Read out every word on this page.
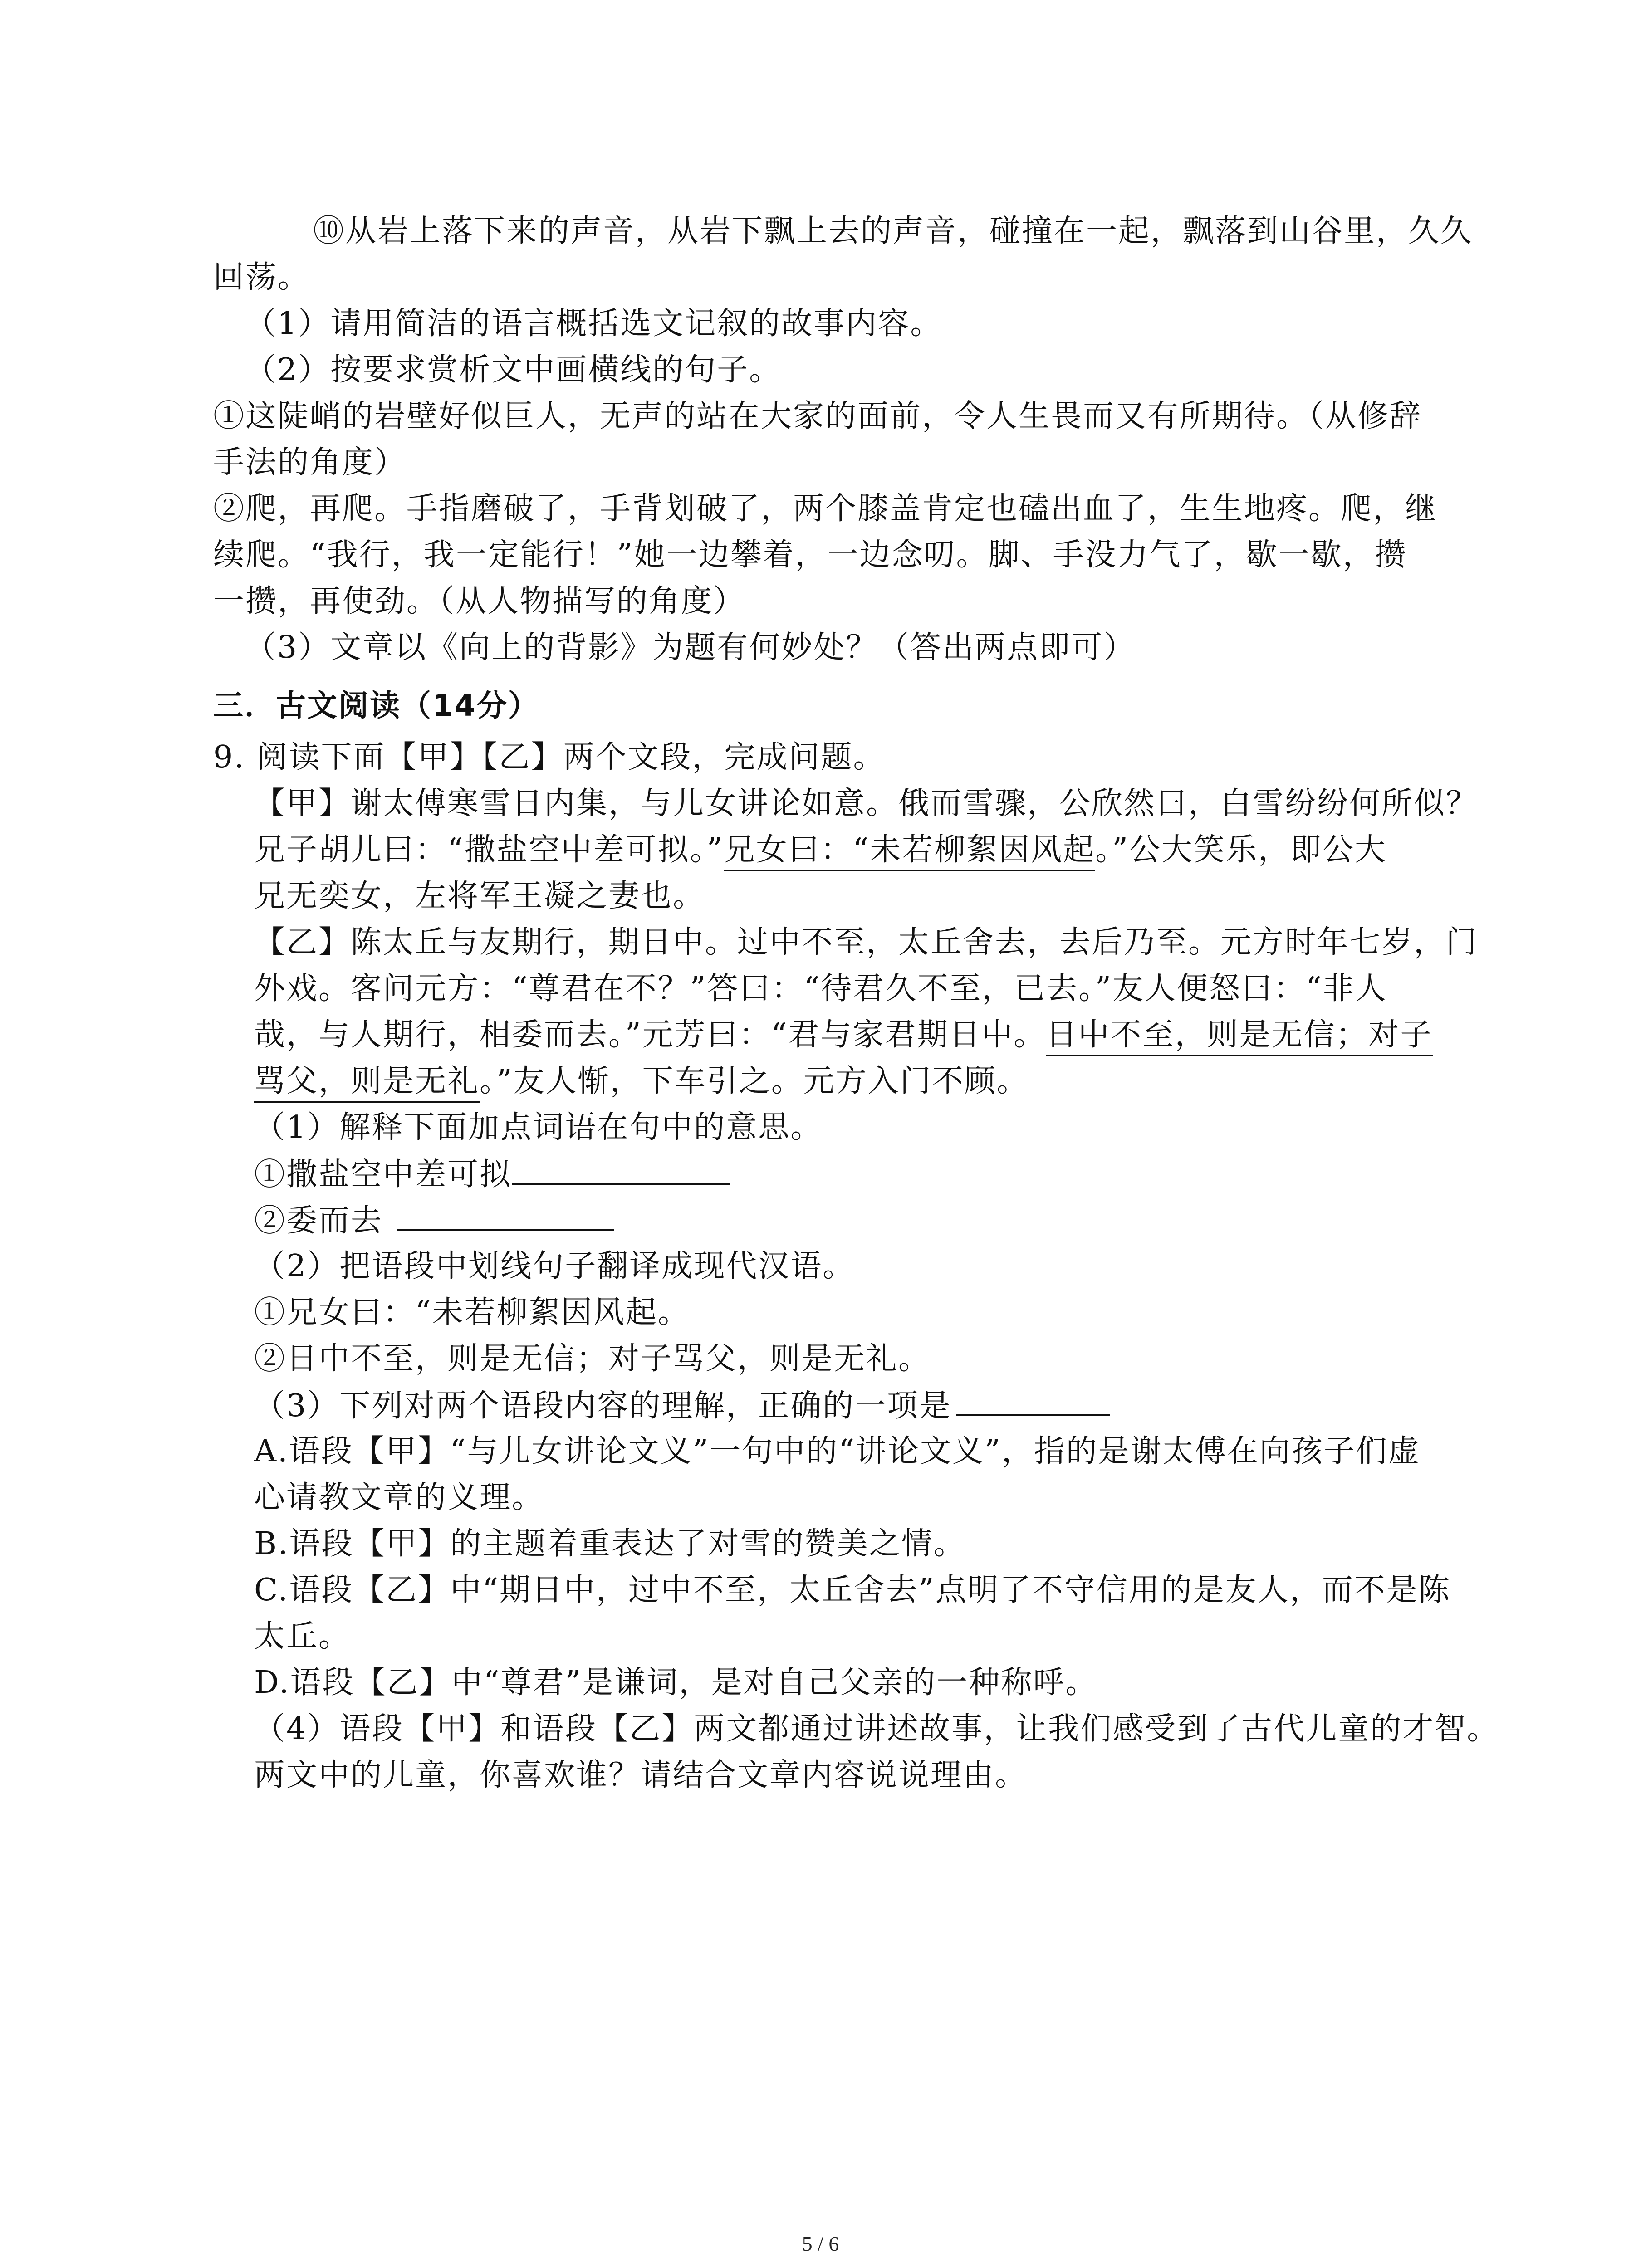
⑩从岩上落下来的声音，从岩下飘上去的声音，碰撞在一起，飘落到山谷里，久久
回荡。
（1）请用简洁的语言概括选文记叙的故事内容。
（2）按要求赏析文中画横线的句子。
①这陡峭的岩壁好似巨人，无声的站在大家的面前，令人生畏而又有所期待。（从修辞
手法的角度）
②爬，再爬。手指磨破了，手背划破了，两个膝盖肯定也磕出血了，生生地疼。爬，继
续爬。“我行，我一定能行！”她一边攀着，一边念叨。脚、手没力气了，歇一歇，攒
一攒，再使劲。（从人物描写的角度）
（3）文章以《向上的背影》为题有何妙处？（答出两点即可）
三．古文阅读（14分）
9. 阅读下面【甲】【乙】两个文段，完成问题。
【甲】谢太傅寒雪日内集，与儿女讲论如意。俄而雪骤，公欣然曰，白雪纷纷何所似？
兄子胡儿曰：“撒盐空中差可拟。”兄女曰：“未若柳絮因风起。”公大笑乐，即公大
兄无奕女，左将军王凝之妻也。
【乙】陈太丘与友期行，期日中。过中不至，太丘舍去，去后乃至。元方时年七岁，门
外戏。客问元方：“尊君在不？”答曰：“待君久不至，已去。”友人便怒曰：“非人
哉，与人期行，相委而去。”元芳曰：“君与家君期日中。日中不至，则是无信；对子
骂父，则是无礼。”友人惭，下车引之。元方入门不顾。
（1）解释下面加点词语在句中的意思。
①撒盐空中差可拟
②委而去
（2）把语段中划线句子翻译成现代汉语。
①兄女曰：“未若柳絮因风起。
②日中不至，则是无信；对子骂父，则是无礼。
（3）下列对两个语段内容的理解，正确的一项是
A.语段【甲】“与儿女讲论文义”一句中的“讲论文义”，指的是谢太傅在向孩子们虚
心请教文章的义理。
B.语段【甲】的主题着重表达了对雪的赞美之情。
C.语段【乙】中“期日中，过中不至，太丘舍去”点明了不守信用的是友人，而不是陈
太丘。
D.语段【乙】中“尊君”是谦词，是对自己父亲的一种称呼。
（4）语段【甲】和语段【乙】两文都通过讲述故事，让我们感受到了古代儿童的才智。
两文中的儿童，你喜欢谁？请结合文章内容说说理由。
5 / 6
